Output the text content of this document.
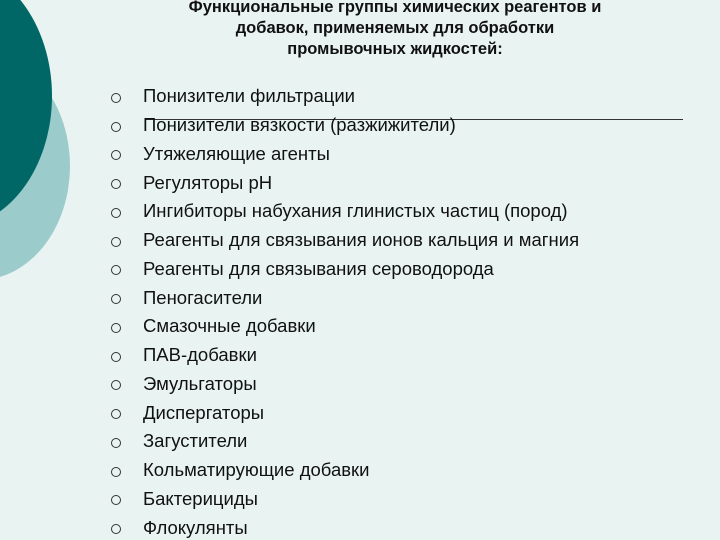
Функциональные группы химических реагентов и
добавок, применяемых для обработки
промывочных жидкостей:
Понизители фильтрации
Понизители вязкости (разжижители)
Утяжеляющие агенты
Регуляторы pH
Ингибиторы набухания глинистых частиц (пород)
Реагенты для связывания ионов кальция и магния
Реагенты для связывания сероводорода
Пеногасители
Смазочные добавки
ПАВ-добавки
Эмульгаторы
Диспергаторы
Загустители
Кольматирующие добавки
Бактерициды
Флокулянты
